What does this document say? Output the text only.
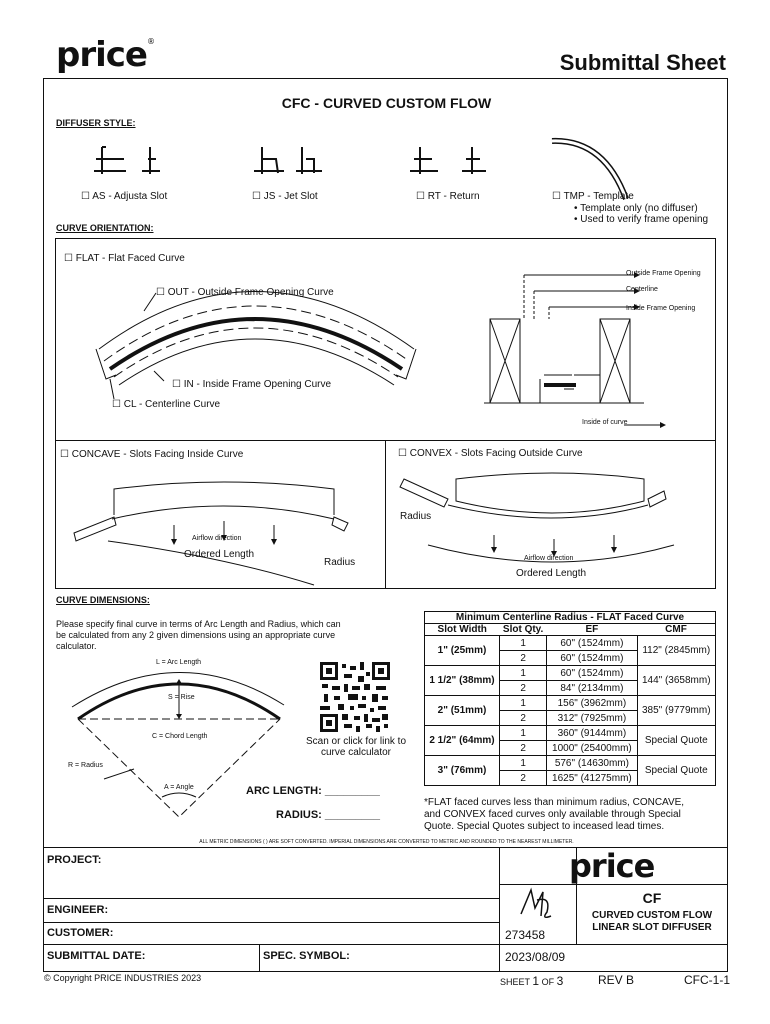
price®
Submittal Sheet
CFC - CURVED CUSTOM FLOW
DIFFUSER STYLE:
☐ AS - Adjusta Slot	☐ JS - Jet Slot	☐ RT - Return	☐ TMP - Template
• Template only (no diffuser)
• Used to verify frame opening
CURVE ORIENTATION:
☐ FLAT - Flat Faced Curve
☐ OUT - Outside Frame Opening Curve
☐ IN - Inside Frame Opening Curve
☐ CL - Centerline Curve
Outside Frame Opening
Centerline
Inside Frame Opening
Inside of curve
☐ CONCAVE - Slots Facing Inside Curve	☐ CONVEX - Slots Facing Outside Curve
Airflow direction
Ordered Length
Radius
Radius
Airflow direction
Ordered Length
CURVE DIMENSIONS:
Please specify final curve in terms of Arc Length and Radius, which can
be calculated from any 2 given dimensions using an appropriate curve
calculator.
L = Arc Length
S = Rise
C = Chord Length
R = Radius
A = Angle
Scan or click for link to
curve calculator
ARC LENGTH: _________
RADIUS: _________
Minimum Centerline Radius - FLAT Faced Curve
Slot Width	Slot Qty.	EF	CMF
1" (25mm)	1	60" (1524mm)	112" (2845mm)
	2	60" (1524mm)	
1 1/2" (38mm)	1	60" (1524mm)	144" (3658mm)
	2	84" (2134mm)	
2" (51mm)	1	156" (3962mm)	385" (9779mm)
	2	312" (7925mm)	
2 1/2" (64mm)	1	360" (9144mm)	Special Quote
	2	1000" (25400mm)	
3" (76mm)	1	576" (14630mm)	Special Quote
	2	1625" (41275mm)	
*FLAT faced curves less than minimum radius, CONCAVE,
and CONVEX faced curves only available through Special
Quote. Special Quotes subject to inceased lead times.
ALL METRIC DIMENSIONS ( ) ARE SOFT CONVERTED. IMPERIAL DIMENSIONS ARE CONVERTED TO METRIC AND ROUNDED TO THE NEAREST MILLIMETER.
PROJECT:
ENGINEER:
CUSTOMER:
SUBMITTAL DATE:	SPEC. SYMBOL:
price
273458
2023/08/09
CF
CURVED CUSTOM FLOW
LINEAR SLOT DIFFUSER
© Copyright PRICE INDUSTRIES 2023	SHEET 1 OF 3	REV B	CFC-1-1
